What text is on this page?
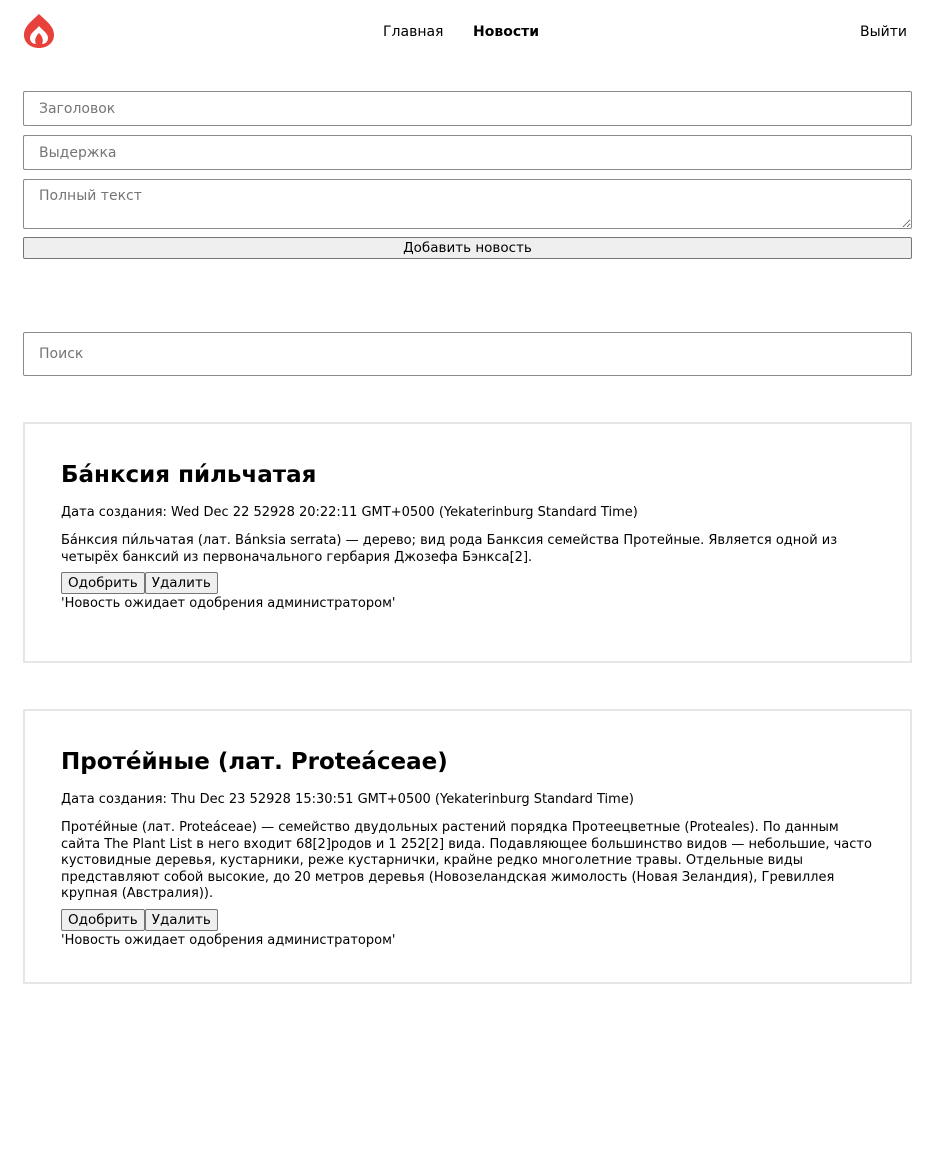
Главная Новости	Выйти
Заголовок
Выдержка
Полный текст
Добавить новость
Поиск
Ба́нксия пи́льчатая

Дата создания: Wed Dec 22 52928 20:22:11 GMT+0500 (Yekaterinburg Standard Time)

Ба́нксия пи́льчатая (лат. Bánksia serrata) — дерево; вид рода Банксия семейства Протейные. Является одной из четырёх банксий из первоначального гербария Джозефа Бэнкса[2].

Одобрить	Удалить

'Новость ожидает одобрения администратором'

Проте́йные (лат. Proteáceae)

Дата создания: Thu Dec 23 52928 15:30:51 GMT+0500 (Yekaterinburg Standard Time)

Проте́йные (лат. Proteáceae) — семейство двудольных растений порядка Протеецветные (Proteales). По данным сайта The Plant List в него входит 68[2]родов и 1 252[2] вида. Подавляющее большинство видов — небольшие, часто кустовидные деревья, кустарники, реже кустарнички, крайне редко многолетние травы. Отдельные виды представляют собой высокие, до 20 метров деревья (Новозеландская жимолость (Новая Зеландия), Гревиллея крупная (Австралия)).

Одобрить	Удалить

'Новость ожидает одобрения администратором'
